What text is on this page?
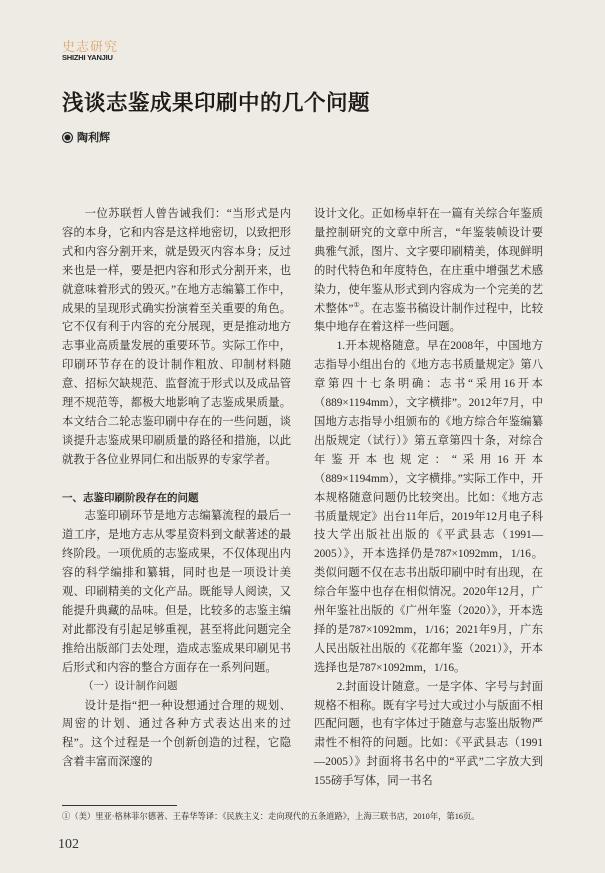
史志研究
SHIZHI YANJIU
浅谈志鉴成果印刷中的几个问题
陶利辉

一位苏联哲人曾告诫我们：“当形式是内容的本身，它和内容是这样地密切，以致把形式和内容分割开来，就是毁灭内容本身；反过来也是一样，要是把内容和形式分割开来，也就意味着形式的毁灭。”在地方志编纂工作中，成果的呈现形式确实扮演着至关重要的角色。它不仅有利于内容的充分展现，更是推动地方志事业高质量发展的重要环节。实际工作中，印刷环节存在的设计制作粗放、印制材料随意、招标欠缺规范、监督流于形式以及成品管理不规范等，都极大地影响了志鉴成果质量。本文结合二轮志鉴印刷中存在的一些问题，谈谈提升志鉴成果印刷质量的路径和措施，以此就教于各位业界同仁和出版界的专家学者。

一、志鉴印刷阶段存在的问题

志鉴印刷环节是地方志编纂流程的最后一道工序，是地方志从零星资料到文献著述的最终阶段。一项优质的志鉴成果，不仅体现出内容的科学编排和纂辑，同时也是一项设计美观、印刷精美的文化产品。既能导人阅读，又能提升典藏的品味。但是，比较多的志鉴主编对此都没有引起足够重视，甚至将此问题完全推给出版部门去处理，造成志鉴成果印刷见书后形式和内容的整合方面存在一系列问题。

（一）设计制作问题

设计是指“把一种设想通过合理的规划、周密的计划、通过各种方式表达出来的过程”。这个过程是一个创新创造的过程，它隐含着丰富而深邃的

设计文化。正如杨卓轩在一篇有关综合年鉴质量控制研究的文章中所言，“年鉴装帧设计要典雅气派，图片、文字要印刷精美，体现鲜明的时代特色和年度特色，在庄重中增强艺术感染力，使年鉴从形式到内容成为一个完美的艺术整体”①。在志鉴书稿设计制作过程中，比较集中地存在着这样一些问题。

1.开本规格随意。早在2008年，中国地方志指导小组出台的《地方志书质量规定》第八章第四十七条明确：志书“采用16开本（889×1194mm），文字横排”。2012年7月，中国地方志指导小组颁布的《地方综合年鉴编纂出版规定（试行）》第五章第四十条，对综合年鉴开本也规定：“采用16开本（889×1194mm），文字横排。”实际工作中，开本规格随意问题仍比较突出。比如：《地方志书质量规定》出台11年后，2019年12月电子科技大学出版社出版的《平武县志（1991—2005）》，开本选择仍是787×1092mm，1/16。类似问题不仅在志书出版印刷中时有出现，在综合年鉴中也存在相似情况。2020年12月，广州年鉴社出版的《广州年鉴（2020）》，开本选择的是787×1092mm，1/16；2021年9月，广东人民出版社出版的《花都年鉴（2021）》，开本选择也是787×1092mm，1/16。

2.封面设计随意。一是字体、字号与封面规格不相称。既有字号过大或过小与版面不相匹配问题，也有字体过于随意与志鉴出版物严肃性不相符的问题。比如：《平武县志（1991—2005）》封面将书名中的“平武”二字放大到155磅手写体，同一书名

①（美）里亚·格林菲尔德著、王春华等译：《民族主义：走向现代的五条道路》，上海三联书店，2010年，第16页。
102
